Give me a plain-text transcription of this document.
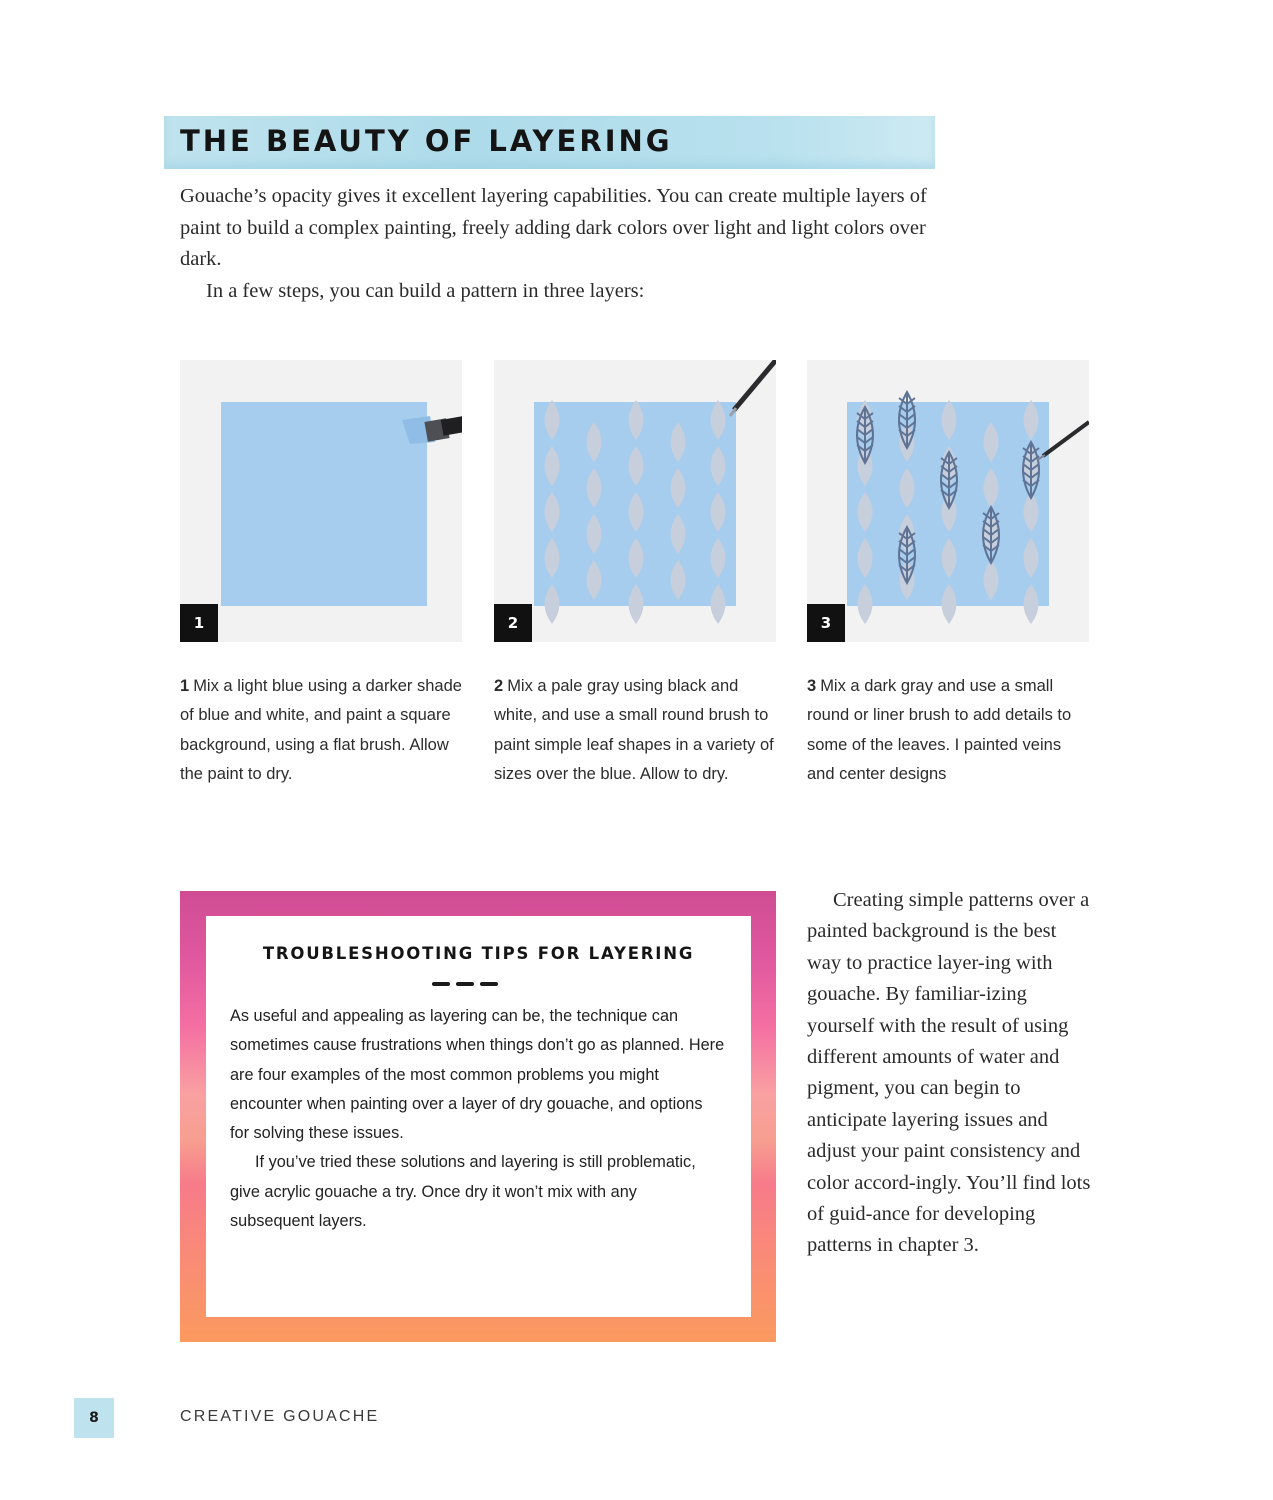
THE BEAUTY OF LAYERING

Gouache’s opacity gives it excellent layering capabilities. You can create multiple layers of paint to build a complex painting, freely adding dark colors over light and light colors over dark.

In a few steps, you can build a pattern in three layers:

1	2	3

1 Mix a light blue using a darker shade of blue and white, and paint a square background, using a flat brush. Allow the paint to dry.

2 Mix a pale gray using black and white, and use a small round brush to paint simple leaf shapes in a variety of sizes over the blue. Allow to dry.

3 Mix a dark gray and use a small round or liner brush to add details to some of the leaves. I painted veins and center designs

TROUBLESHOOTING TIPS FOR LAYERING

As useful and appealing as layering can be, the technique can sometimes cause frustrations when things don’t go as planned. Here are four examples of the most common problems you might encounter when painting over a layer of dry gouache, and options for solving these issues.

If you’ve tried these solutions and layering is still problematic, give acrylic gouache a try. Once dry it won’t mix with any subsequent layers.

Creating simple patterns over a painted background is the best way to practice layer-ing with gouache. By familiar-izing yourself with the result of using different amounts of water and pigment, you can begin to anticipate layering issues and adjust your paint consistency and color accord-ingly. You’ll find lots of guid-ance for developing patterns in chapter 3.

8	CREATIVE GOUACHE
